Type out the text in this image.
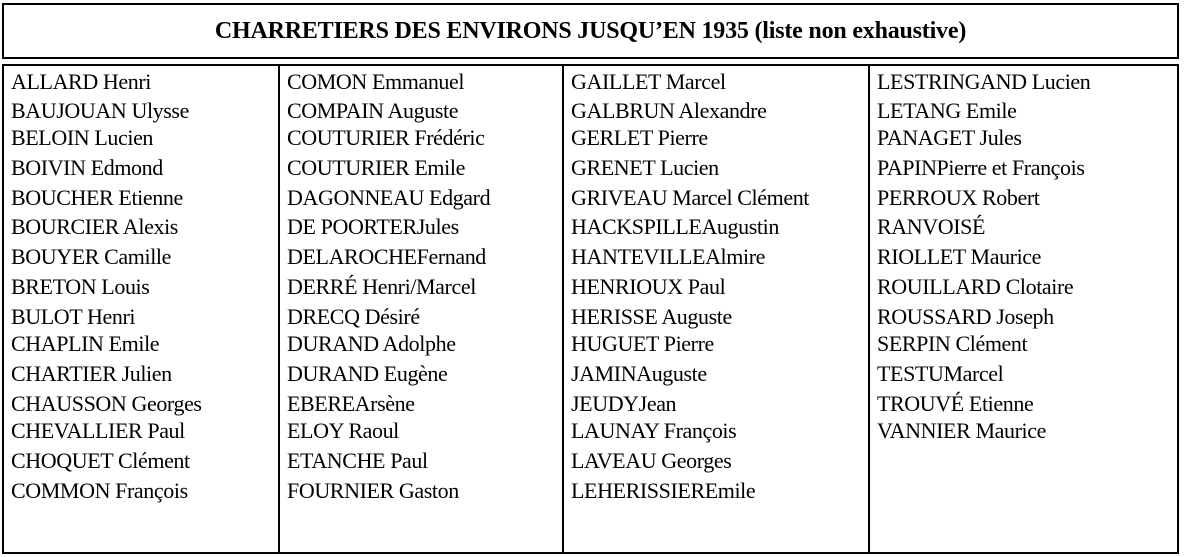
CHARRETIERS DES ENVIRONS JUSQU’EN 1935 (liste non exhaustive)
ALLARD Henri
BAUJOUAN Ulysse
BELOIN Lucien
BOIVIN Edmond
BOUCHER Etienne
BOURCIER Alexis
BOUYER Camille
BRETON Louis
BULOT Henri
CHAPLIN Emile
CHARTIER Julien
CHAUSSON Georges
CHEVALLIER Paul
CHOQUET Clément
COMMON François
COMON Emmanuel
COMPAIN Auguste
COUTURIER Frédéric
COUTURIER Emile
DAGONNEAU Edgard
DE POORTERJules
DELAROCHEFernand
DERRÉ Henri/Marcel
DRECQ Désiré
DURAND Adolphe
DURAND Eugène
EBEREArsène
ELOY Raoul
ETANCHE Paul
FOURNIER Gaston
GAILLET Marcel
GALBRUN Alexandre
GERLET Pierre
GRENET Lucien
GRIVEAU Marcel Clément
HACKSPILLEAugustin
HANTEVILLEAlmire
HENRIOUX Paul
HERISSE Auguste
HUGUET Pierre
JAMINAuguste
JEUDYJean
LAUNAY François
LAVEAU Georges
LEHERISSIEREmile
LESTRINGAND Lucien
LETANG Emile
PANAGET Jules
PAPINPierre et François
PERROUX Robert
RANVOISÉ
RIOLLET Maurice
ROUILLARD Clotaire
ROUSSARD Joseph
SERPIN Clément
TESTUMarcel
TROUVÉ Etienne
VANNIER Maurice
